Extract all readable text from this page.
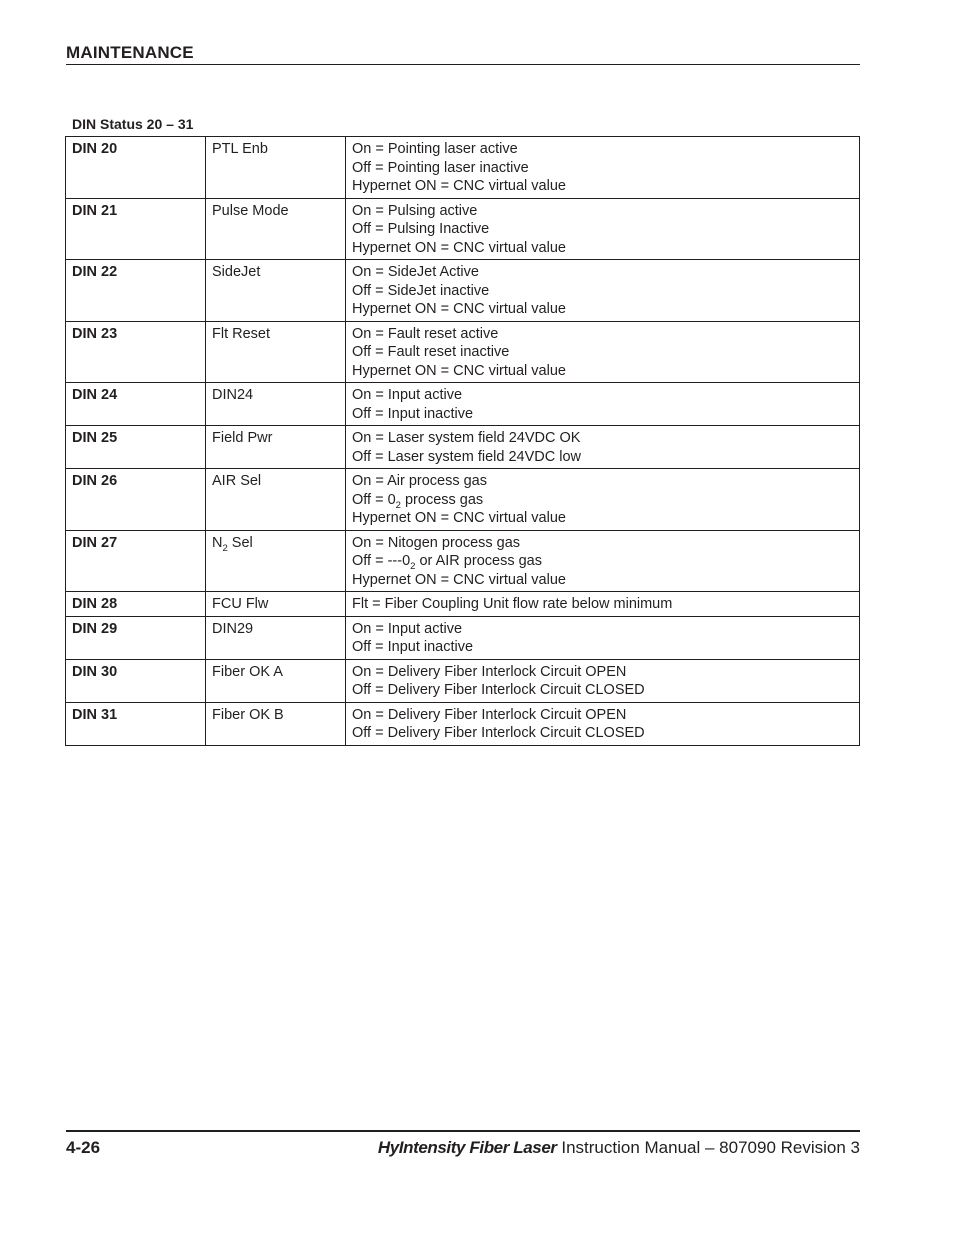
MAINTENANCE
DIN Status 20 – 31
DIN 20	PTL Enb	On = Pointing laser active
Off = Pointing laser inactive
Hypernet ON = CNC virtual value

DIN 21	Pulse Mode	On = Pulsing active
Off = Pulsing Inactive
Hypernet ON = CNC virtual value

DIN 22	SideJet	On = SideJet Active
Off = SideJet inactive
Hypernet ON = CNC virtual value

DIN 23	Flt Reset	On = Fault reset active
Off = Fault reset inactive
Hypernet ON = CNC virtual value

DIN 24	DIN24	On = Input active
Off = Input inactive

DIN 25	Field Pwr	On = Laser system field 24VDC OK
Off = Laser system field 24VDC low

DIN 26	AIR Sel	On = Air process gas
Off = $0_2$ process gas
Hypernet ON = CNC virtual value

DIN 27	$N_2$ Sel	On = Nitogen process gas
Off = $---0_2$ or AIR process gas
Hypernet ON = CNC virtual value

DIN 28	FCU Flw	Flt = Fiber Coupling Unit flow rate below minimum

DIN 29	DIN29	On = Input active
Off = Input inactive

DIN 30	Fiber OK A	On = Delivery Fiber Interlock Circuit OPEN
Off = Delivery Fiber Interlock Circuit CLOSED

DIN 31	Fiber OK B	On = Delivery Fiber Interlock Circuit OPEN
Off = Delivery Fiber Interlock Circuit CLOSED
4-26	HyIntensity Fiber Laser Instruction Manual – 807090 Revision 3
